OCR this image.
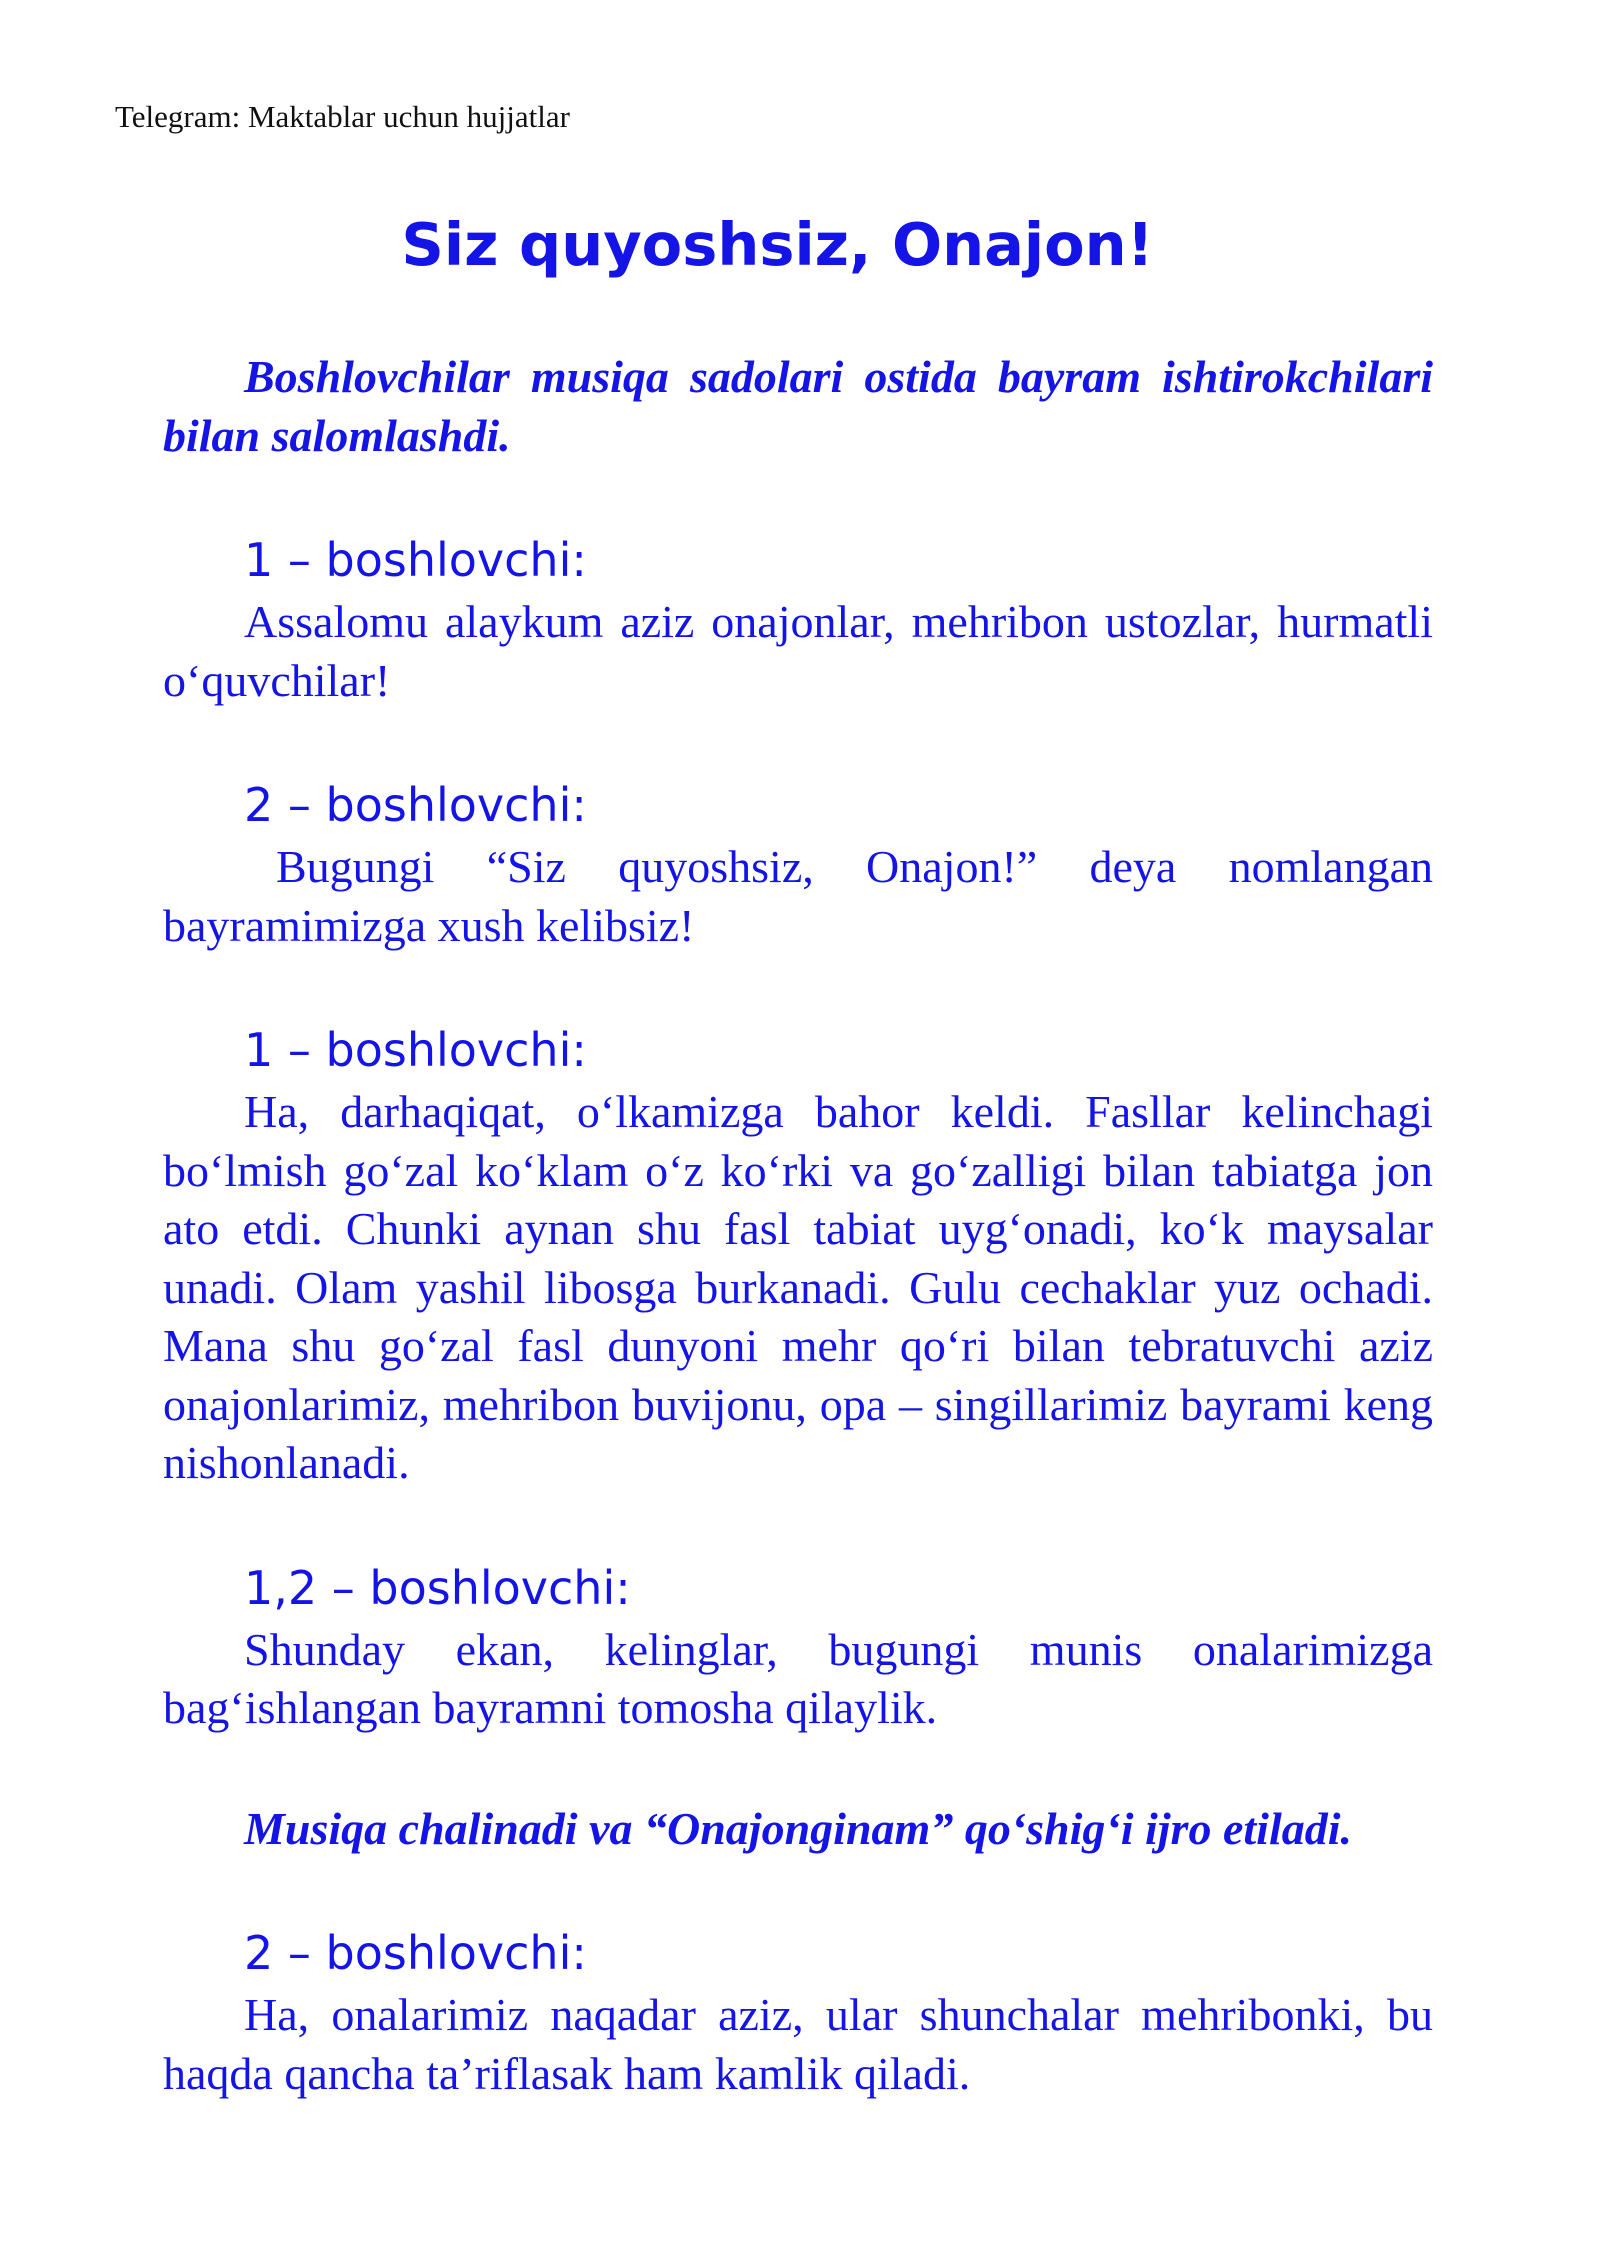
Telegram: Maktablar uchun hujjatlar
Siz quyoshsiz, Onajon!

Boshlovchilar musiqa sadolari ostida bayram ishtirokchilari bilan salomlashdi.

1 – boshlovchi:

Assalomu alaykum aziz onajonlar, mehribon ustozlar, hurmatli o‘quvchilar!

2 – boshlovchi:

Bugungi “Siz quyoshsiz, Onajon!” deya nomlangan bayramimizga xush kelibsiz!

1 – boshlovchi:

Ha, darhaqiqat, o‘lkamizga bahor keldi. Fasllar kelinchagi bo‘lmish go‘zal ko‘klam o‘z ko‘rki va go‘zalligi bilan tabiatga jon ato etdi. Chunki aynan shu fasl tabiat uyg‘onadi, ko‘k maysalar unadi. Olam yashil libosga burkanadi. Gulu cechaklar yuz ochadi. Mana shu go‘zal fasl dunyoni mehr qo‘ri bilan tebratuvchi aziz onajonlarimiz, mehribon buvijonu, opa – singillarimiz bayrami keng nishonlanadi.

1,2 – boshlovchi:

Shunday ekan, kelinglar, bugungi munis onalarimizga bag‘ishlangan bayramni tomosha qilaylik.

Musiqa chalinadi va “Onajonginam” qo‘shig‘i ijro etiladi.

2 – boshlovchi:

Ha, onalarimiz naqadar aziz, ular shunchalar mehribonki, bu haqda qancha ta’riflasak ham kamlik qiladi.
